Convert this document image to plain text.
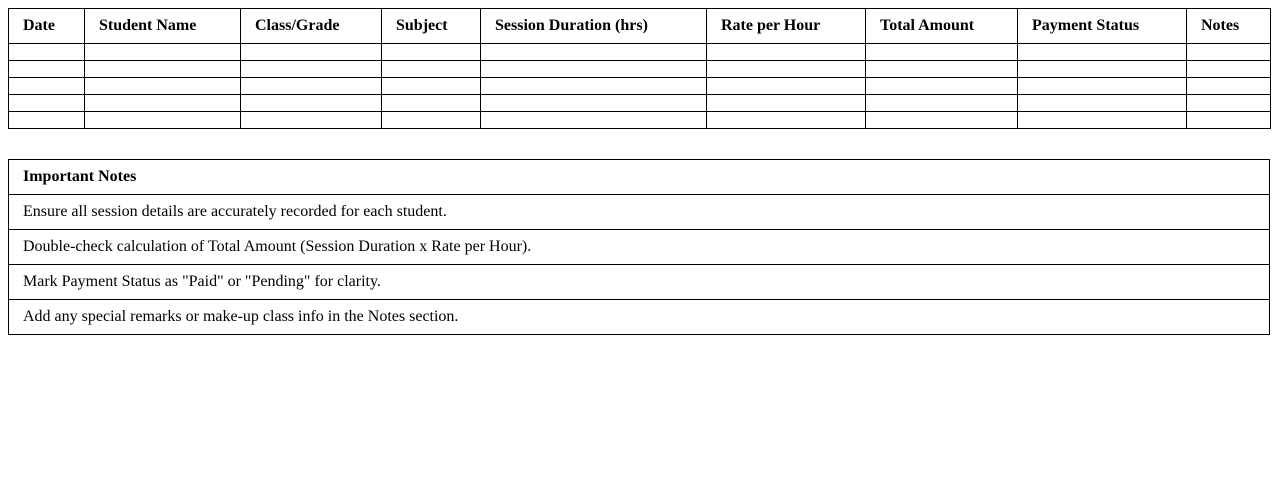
Date	Student Name	Class/Grade	Subject	Session Duration (hrs)	Rate per Hour	Total Amount	Payment Status	Notes

Important Notes
Ensure all session details are accurately recorded for each student.
Double-check calculation of Total Amount (Session Duration x Rate per Hour).
Mark Payment Status as "Paid" or "Pending" for clarity.
Add any special remarks or make-up class info in the Notes section.
